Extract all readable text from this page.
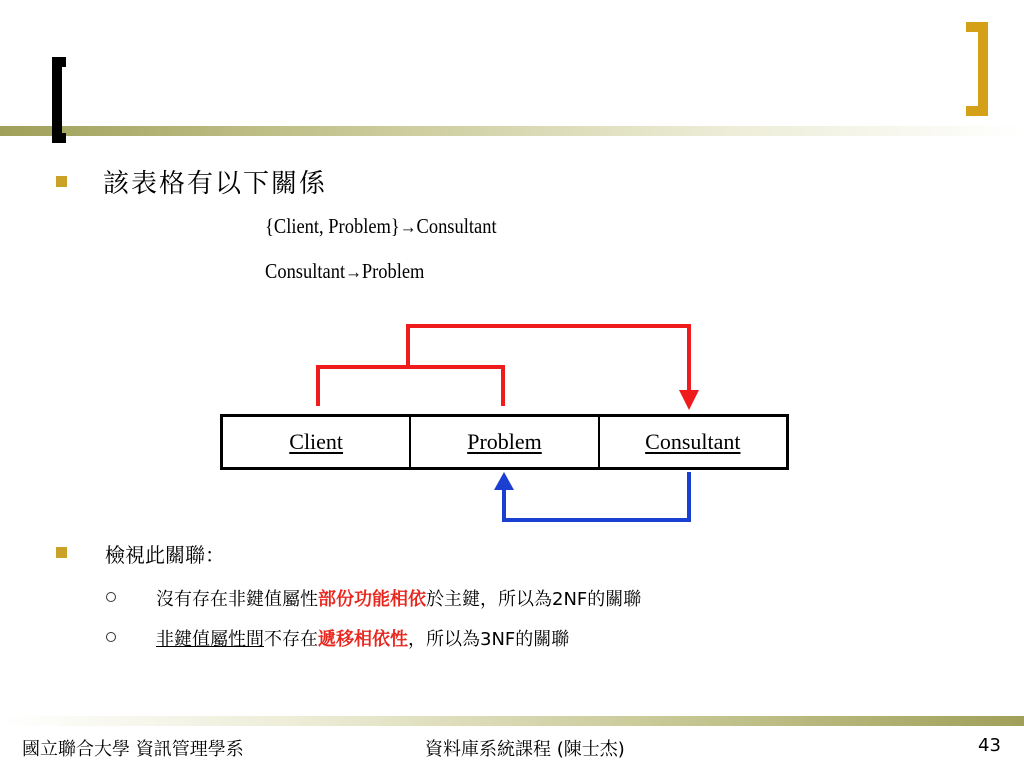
該表格有以下關係
{Client, Problem}→Consultant
Consultant→Problem
Client	Problem	Consultant
檢視此關聯：
沒有存在非鍵值屬性部份功能相依於主鍵，所以為2NF的關聯
非鍵值屬性間不存在遞移相依性，所以為3NF的關聯
國立聯合大學 資訊管理學系	資料庫系統課程 (陳士杰)	43
